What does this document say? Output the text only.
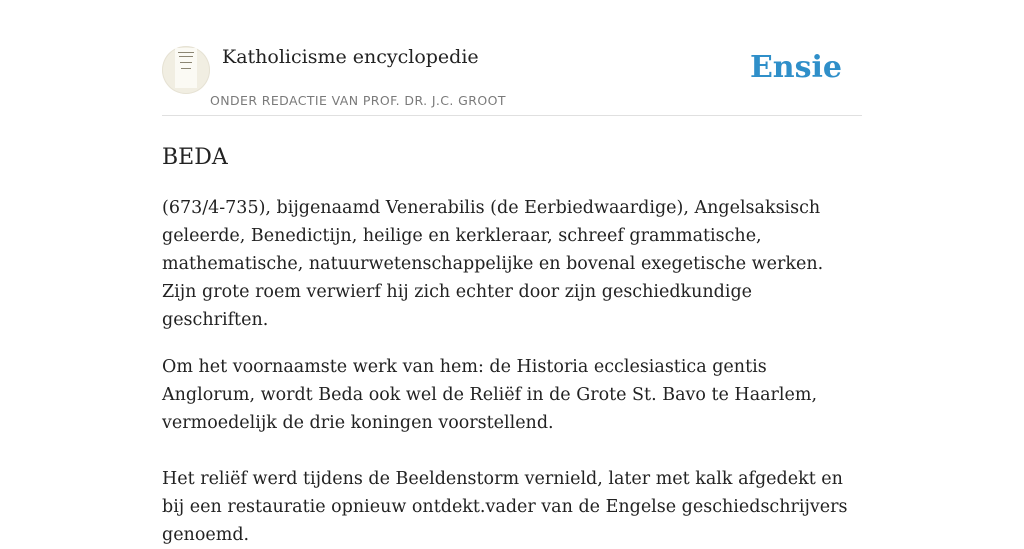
Katholicisme encyclopedie
ONDER REDACTIE VAN PROF. DR. J.C. GROOT
Ensie
BEDA

(673/4-735), bijgenaamd Venerabilis (de Eerbiedwaardige), Angelsaksisch geleerde, Benedictijn, heilige en kerkleraar, schreef grammatische, mathematische, natuurwetenschappelijke en bovenal exegetische werken. Zijn grote roem verwierf hij zich echter door zijn geschiedkundige geschriften.

Om het voornaamste werk van hem: de Historia ecclesiastica gentis Anglorum, wordt Beda ook wel de Reliëf in de Grote St. Bavo te Haarlem, vermoedelijk de drie koningen voorstellend.

Het reliëf werd tijdens de Beeldenstorm vernield, later met kalk afgedekt en bij een restauratie opnieuw ontdekt.vader van de Engelse geschiedschrijvers genoemd.
